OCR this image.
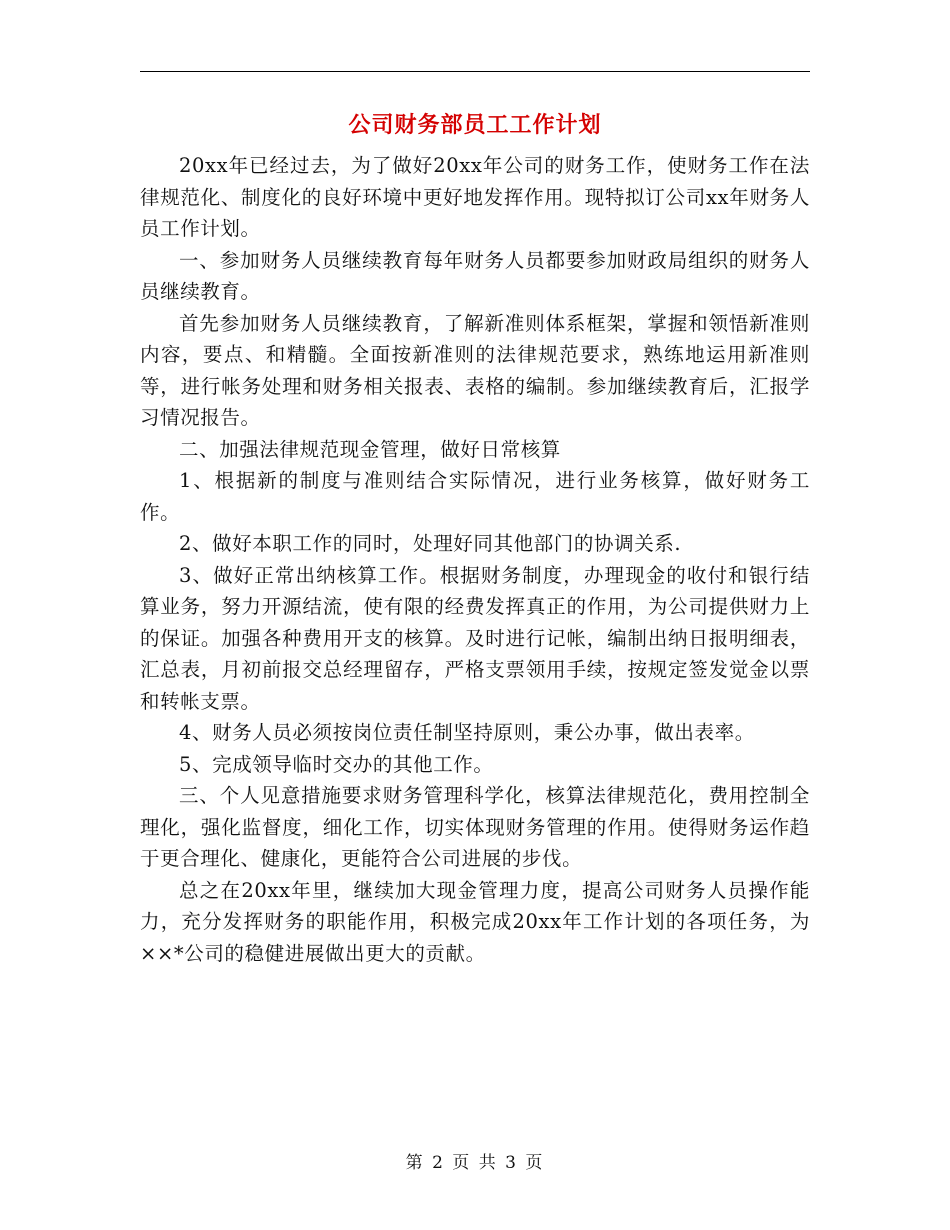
公司财务部员工工作计划

20xx年已经过去，为了做好20xx年公司的财务工作，使财务工作在法律规范化、制度化的良好环境中更好地发挥作用。现特拟订公司xx年财务人员工作计划。

一、参加财务人员继续教育每年财务人员都要参加财政局组织的财务人员继续教育。

首先参加财务人员继续教育，了解新准则体系框架，掌握和领悟新准则内容，要点、和精髓。全面按新准则的法律规范要求，熟练地运用新准则等，进行帐务处理和财务相关报表、表格的编制。参加继续教育后，汇报学习情况报告。

二、加强法律规范现金管理，做好日常核算

1、根据新的制度与准则结合实际情况，进行业务核算，做好财务工作。

2、做好本职工作的同时，处理好同其他部门的协调关系.

3、做好正常出纳核算工作。根据财务制度，办理现金的收付和银行结算业务，努力开源结流，使有限的经费发挥真正的作用，为公司提供财力上的保证。加强各种费用开支的核算。及时进行记帐，编制出纳日报明细表，汇总表，月初前报交总经理留存，严格支票领用手续，按规定签发觉金以票和转帐支票。

4、财务人员必须按岗位责任制坚持原则，秉公办事，做出表率。

5、完成领导临时交办的其他工作。

三、个人见意措施要求财务管理科学化，核算法律规范化，费用控制全理化，强化监督度，细化工作，切实体现财务管理的作用。使得财务运作趋于更合理化、健康化，更能符合公司进展的步伐。

总之在20xx年里，继续加大现金管理力度，提高公司财务人员操作能力，充分发挥财务的职能作用，积极完成20xx年工作计划的各项任务，为××*公司的稳健进展做出更大的贡献。

第 2 页 共 3 页
